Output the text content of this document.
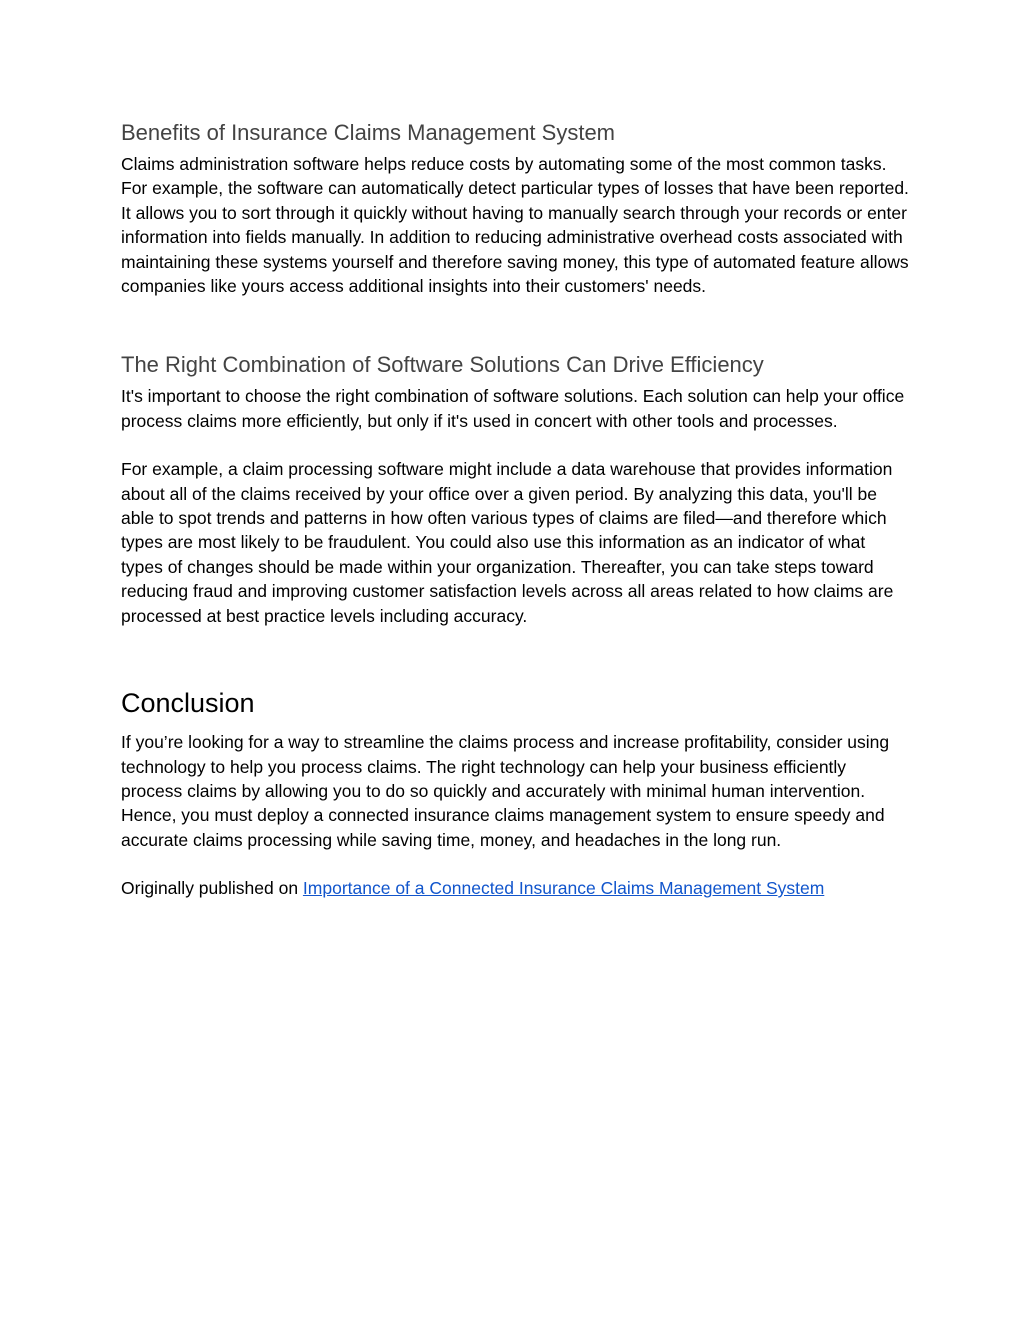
Benefits of Insurance Claims Management System

Claims administration software helps reduce costs by automating some of the most common tasks. For example, the software can automatically detect particular types of losses that have been reported. It allows you to sort through it quickly without having to manually search through your records or enter information into fields manually. In addition to reducing administrative overhead costs associated with maintaining these systems yourself and therefore saving money, this type of automated feature allows companies like yours access additional insights into their customers' needs.

The Right Combination of Software Solutions Can Drive Efficiency

It's important to choose the right combination of software solutions. Each solution can help your office process claims more efficiently, but only if it's used in concert with other tools and processes.

For example, a claim processing software might include a data warehouse that provides information about all of the claims received by your office over a given period. By analyzing this data, you'll be able to spot trends and patterns in how often various types of claims are filed—and therefore which types are most likely to be fraudulent. You could also use this information as an indicator of what types of changes should be made within your organization. Thereafter, you can take steps toward reducing fraud and improving customer satisfaction levels across all areas related to how claims are processed at best practice levels including accuracy.

Conclusion

If you’re looking for a way to streamline the claims process and increase profitability, consider using technology to help you process claims. The right technology can help your business efficiently process claims by allowing you to do so quickly and accurately with minimal human intervention. Hence, you must deploy a connected insurance claims management system to ensure speedy and accurate claims processing while saving time, money, and headaches in the long run.

Originally published on Importance of a Connected Insurance Claims Management System
